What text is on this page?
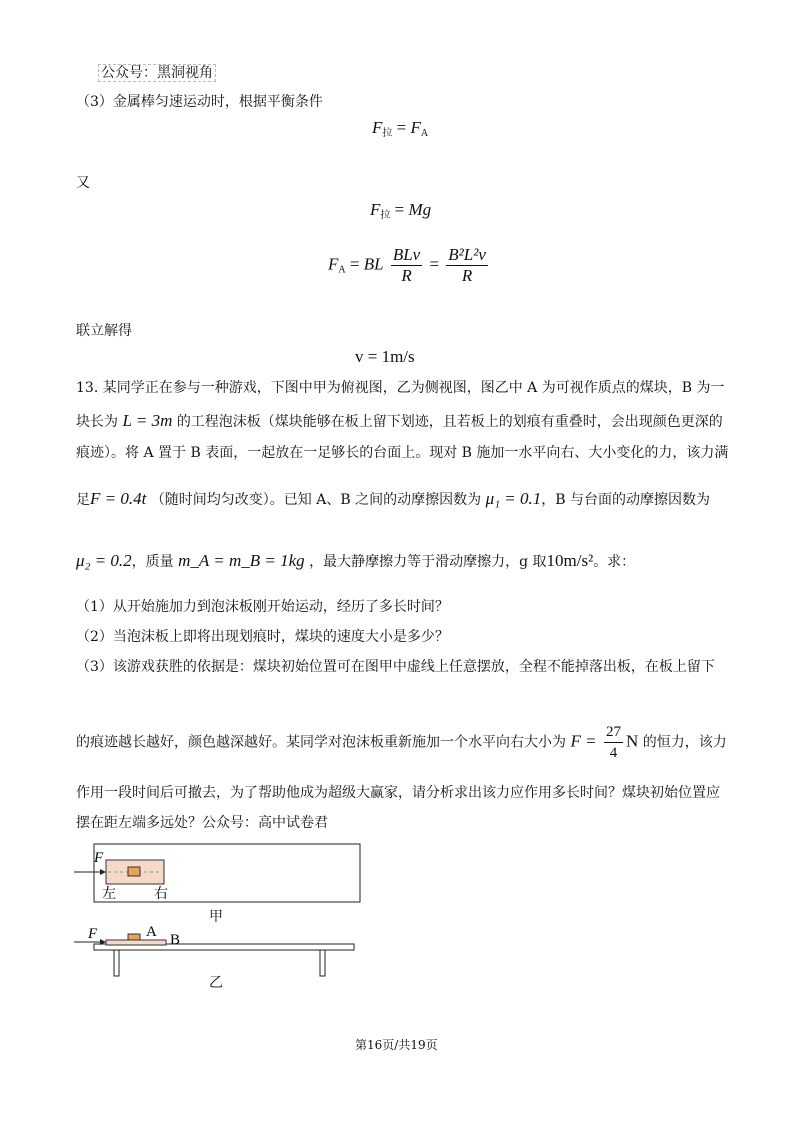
公众号：黑洞视角
（3）金属棒匀速运动时，根据平衡条件
$F_拉 = F_A$
又
$F_拉 = Mg$
$F_A$ = BL $\frac{\text{BLv}}{R} = \frac{\text{B²L²v}}{R}$
联立解得
v = 1m/s
13. 某同学正在参与一种游戏，下图中甲为俯视图，乙为侧视图，图乙中 A 为可视作质点的煤块，B 为一
块长为 L = 3m 的工程泡沫板（煤块能够在板上留下划迹，且若板上的划痕有重叠时，会出现颜色更深的
痕迹）。将 A 置于 B 表面，一起放在一足够长的台面上。现对 B 施加一水平向右、大小变化的力，该力满
足F = 0.4t （随时间均匀改变）。已知 A、B 之间的动摩擦因数为 μ₁ = 0.1，B 与台面的动摩擦因数为
μ₂ = 0.2，质量 m_A = m_B = 1kg ，最大静摩擦力等于滑动摩擦力，g 取10m/s²。求：
（1）从开始施加力到泡沫板刚开始运动，经历了多长时间？
（2）当泡沫板上即将出现划痕时，煤块的速度大小是多少？
（3）该游戏获胜的依据是：煤块初始位置可在图甲中虚线上任意摆放，全程不能掉落出板，在板上留下
的痕迹越长越好，颜色越深越好。某同学对泡沫板重新施加一个水平向右大小为 $F = \frac{27}{4}$ N 的恒力，该力
作用一段时间后可撤去，为了帮助他成为超级大赢家，请分析求出该力应作用多长时间？煤块初始位置应
摆在距左端多远处？公众号：高中试卷君
F
左	右
甲
F	A B
乙
第16页/共19页
